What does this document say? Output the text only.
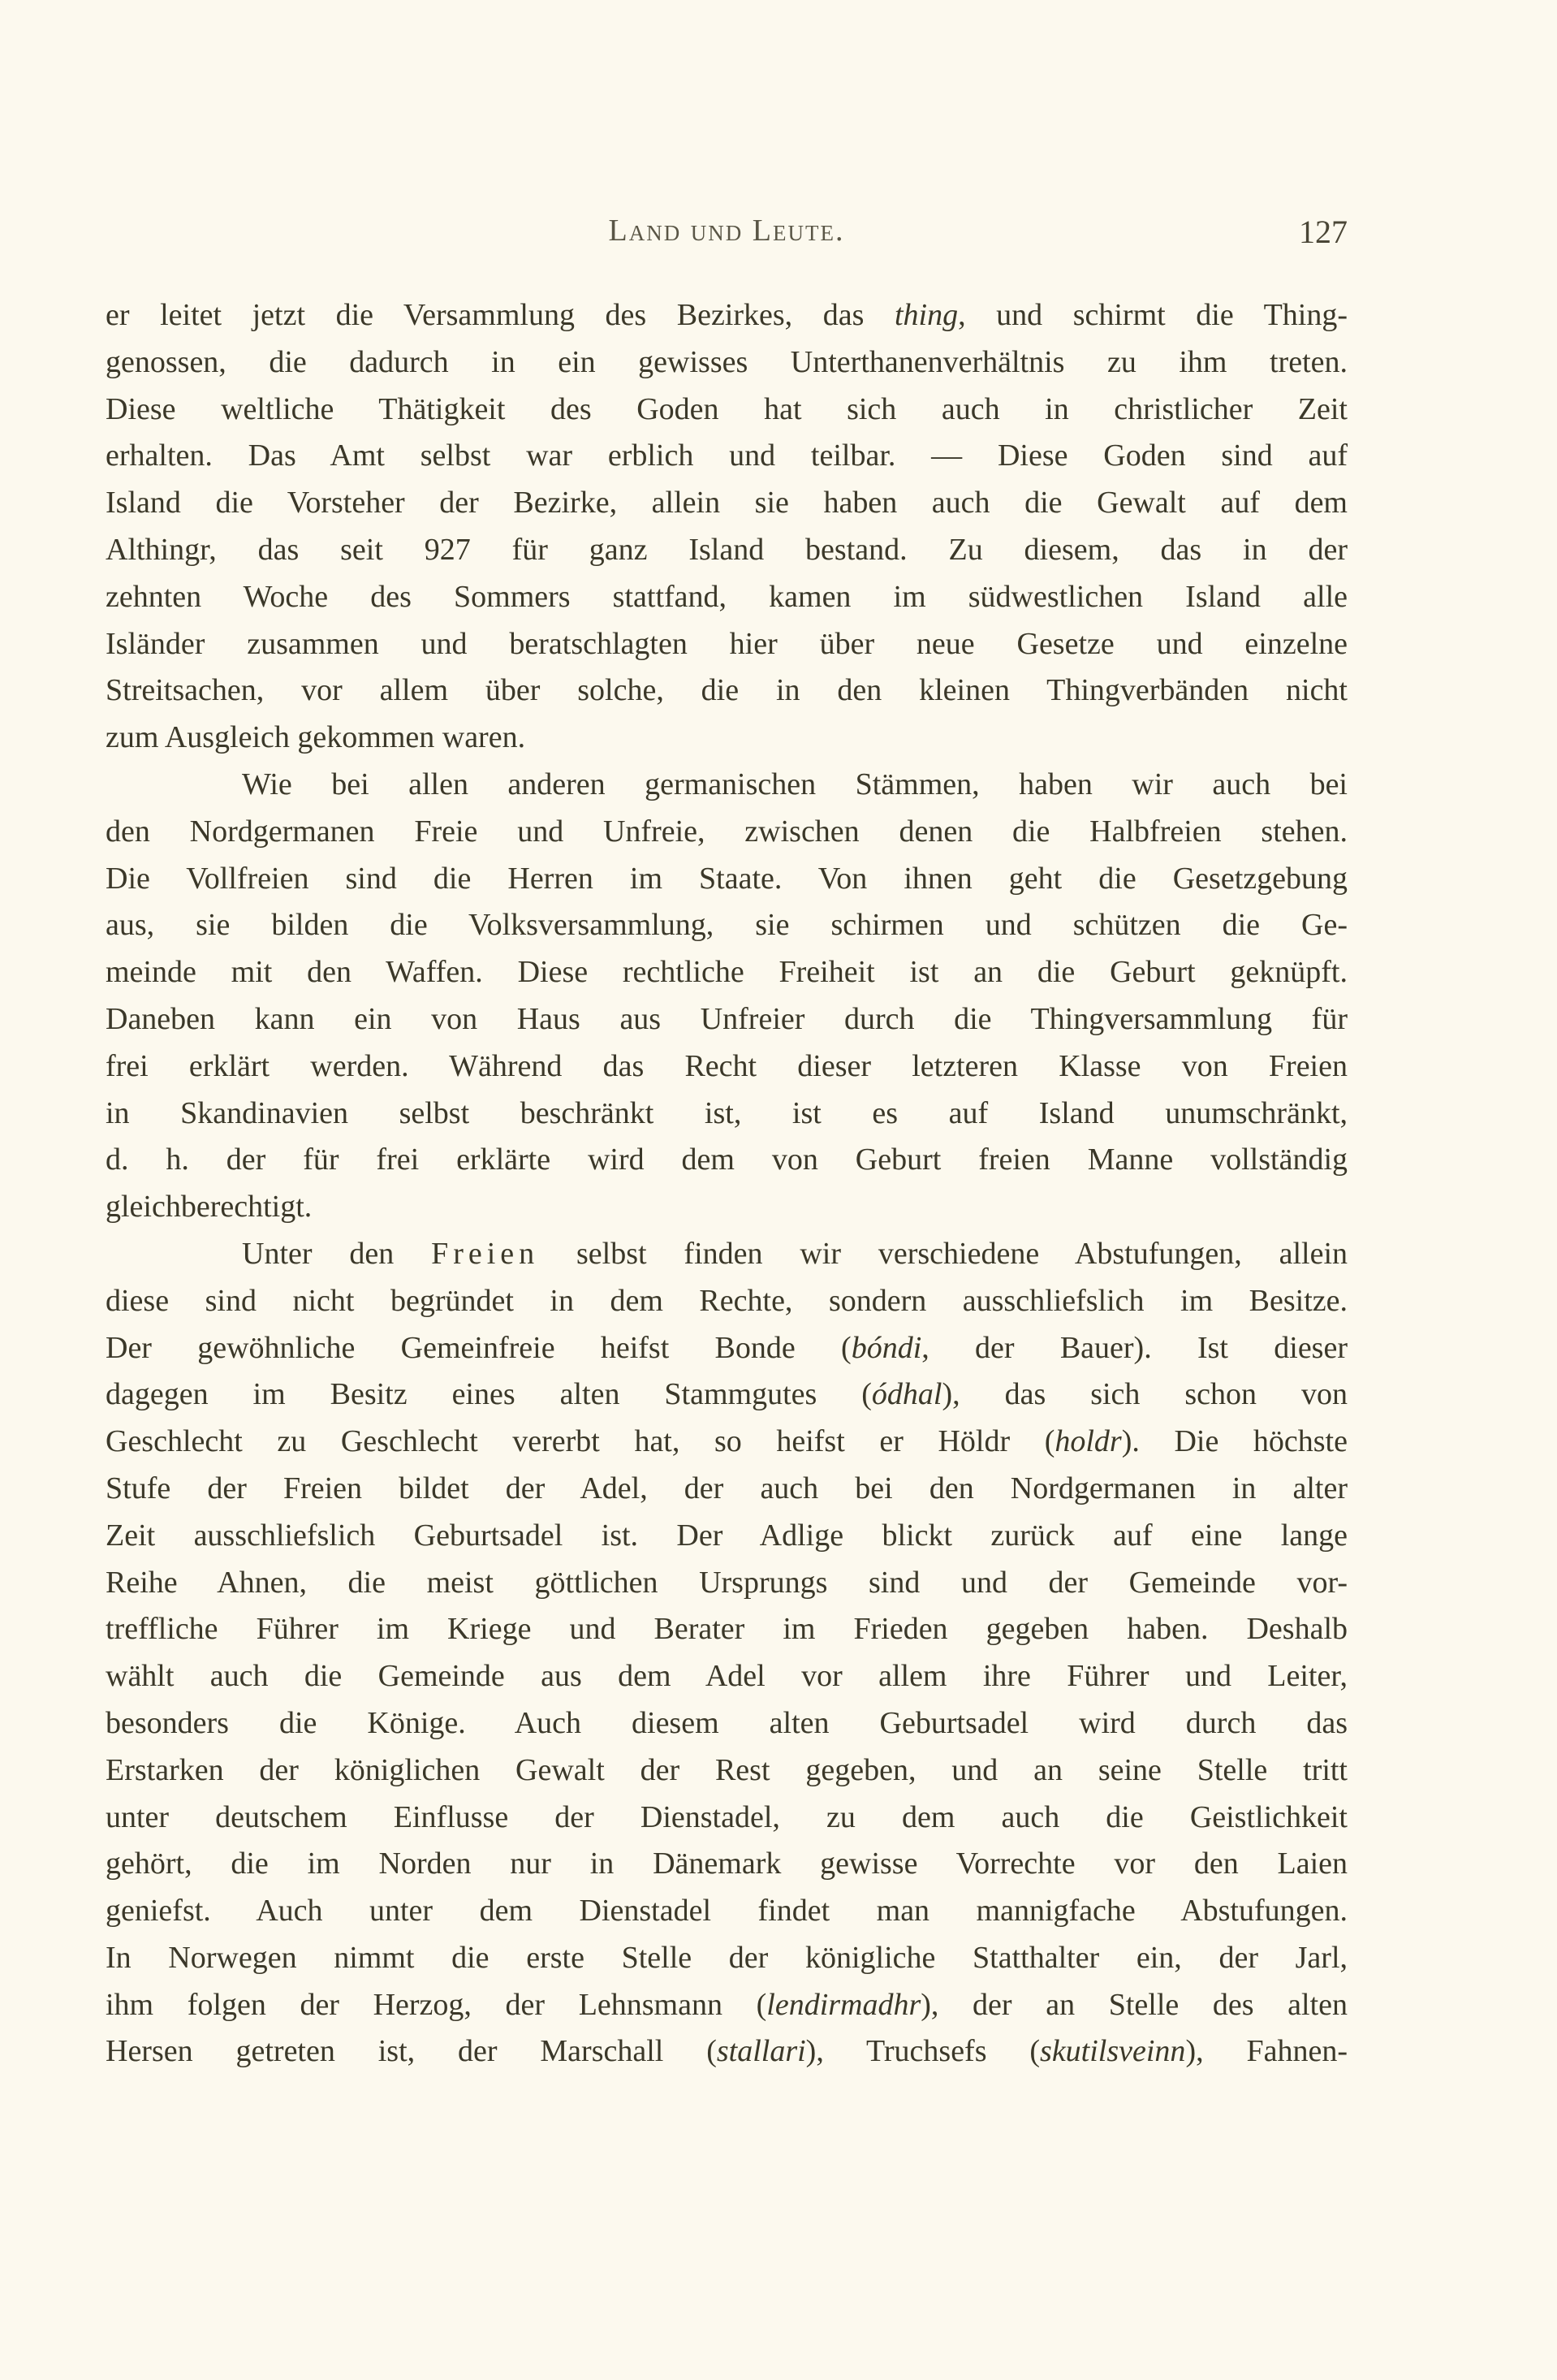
Land und Leute.	127
er leitet jetzt die Versammlung des Bezirkes, das thing, und schirmt die Thing-
genossen, die dadurch in ein gewisses Unterthanenverhältnis zu ihm treten.
Diese weltliche Thätigkeit des Goden hat sich auch in christlicher Zeit
erhalten. Das Amt selbst war erblich und teilbar. — Diese Goden sind auf
Island die Vorsteher der Bezirke, allein sie haben auch die Gewalt auf dem
Althingr, das seit 927 für ganz Island bestand. Zu diesem, das in der
zehnten Woche des Sommers stattfand, kamen im südwestlichen Island alle
Isländer zusammen und beratschlagten hier über neue Gesetze und einzelne
Streitsachen, vor allem über solche, die in den kleinen Thingverbänden nicht
zum Ausgleich gekommen waren.
Wie bei allen anderen germanischen Stämmen, haben wir auch bei
den Nordgermanen Freie und Unfreie, zwischen denen die Halbfreien stehen.
Die Vollfreien sind die Herren im Staate. Von ihnen geht die Gesetzgebung
aus, sie bilden die Volksversammlung, sie schirmen und schützen die Ge-
meinde mit den Waffen. Diese rechtliche Freiheit ist an die Geburt geknüpft.
Daneben kann ein von Haus aus Unfreier durch die Thingversammlung für
frei erklärt werden. Während das Recht dieser letzteren Klasse von Freien
in Skandinavien selbst beschränkt ist, ist es auf Island unumschränkt,
d. h. der für frei erklärte wird dem von Geburt freien Manne vollständig
gleichberechtigt.
Unter den Freien selbst finden wir verschiedene Abstufungen, allein
diese sind nicht begründet in dem Rechte, sondern ausschliefslich im Besitze.
Der gewöhnliche Gemeinfreie heifst Bonde (bóndi, der Bauer). Ist dieser
dagegen im Besitz eines alten Stammgutes (ódhal), das sich schon von
Geschlecht zu Geschlecht vererbt hat, so heifst er Höldr (holdr). Die höchste
Stufe der Freien bildet der Adel, der auch bei den Nordgermanen in alter
Zeit ausschliefslich Geburtsadel ist. Der Adlige blickt zurück auf eine lange
Reihe Ahnen, die meist göttlichen Ursprungs sind und der Gemeinde vor-
treffliche Führer im Kriege und Berater im Frieden gegeben haben. Deshalb
wählt auch die Gemeinde aus dem Adel vor allem ihre Führer und Leiter,
besonders die Könige. Auch diesem alten Geburtsadel wird durch das
Erstarken der königlichen Gewalt der Rest gegeben, und an seine Stelle tritt
unter deutschem Einflusse der Dienstadel, zu dem auch die Geistlichkeit
gehört, die im Norden nur in Dänemark gewisse Vorrechte vor den Laien
geniefst. Auch unter dem Dienstadel findet man mannigfache Abstufungen.
In Norwegen nimmt die erste Stelle der königliche Statthalter ein, der Jarl,
ihm folgen der Herzog, der Lehnsmann (lendirmadhr), der an Stelle des alten
Hersen getreten ist, der Marschall (stallari), Truchsefs (skutilsveinn), Fahnen-
